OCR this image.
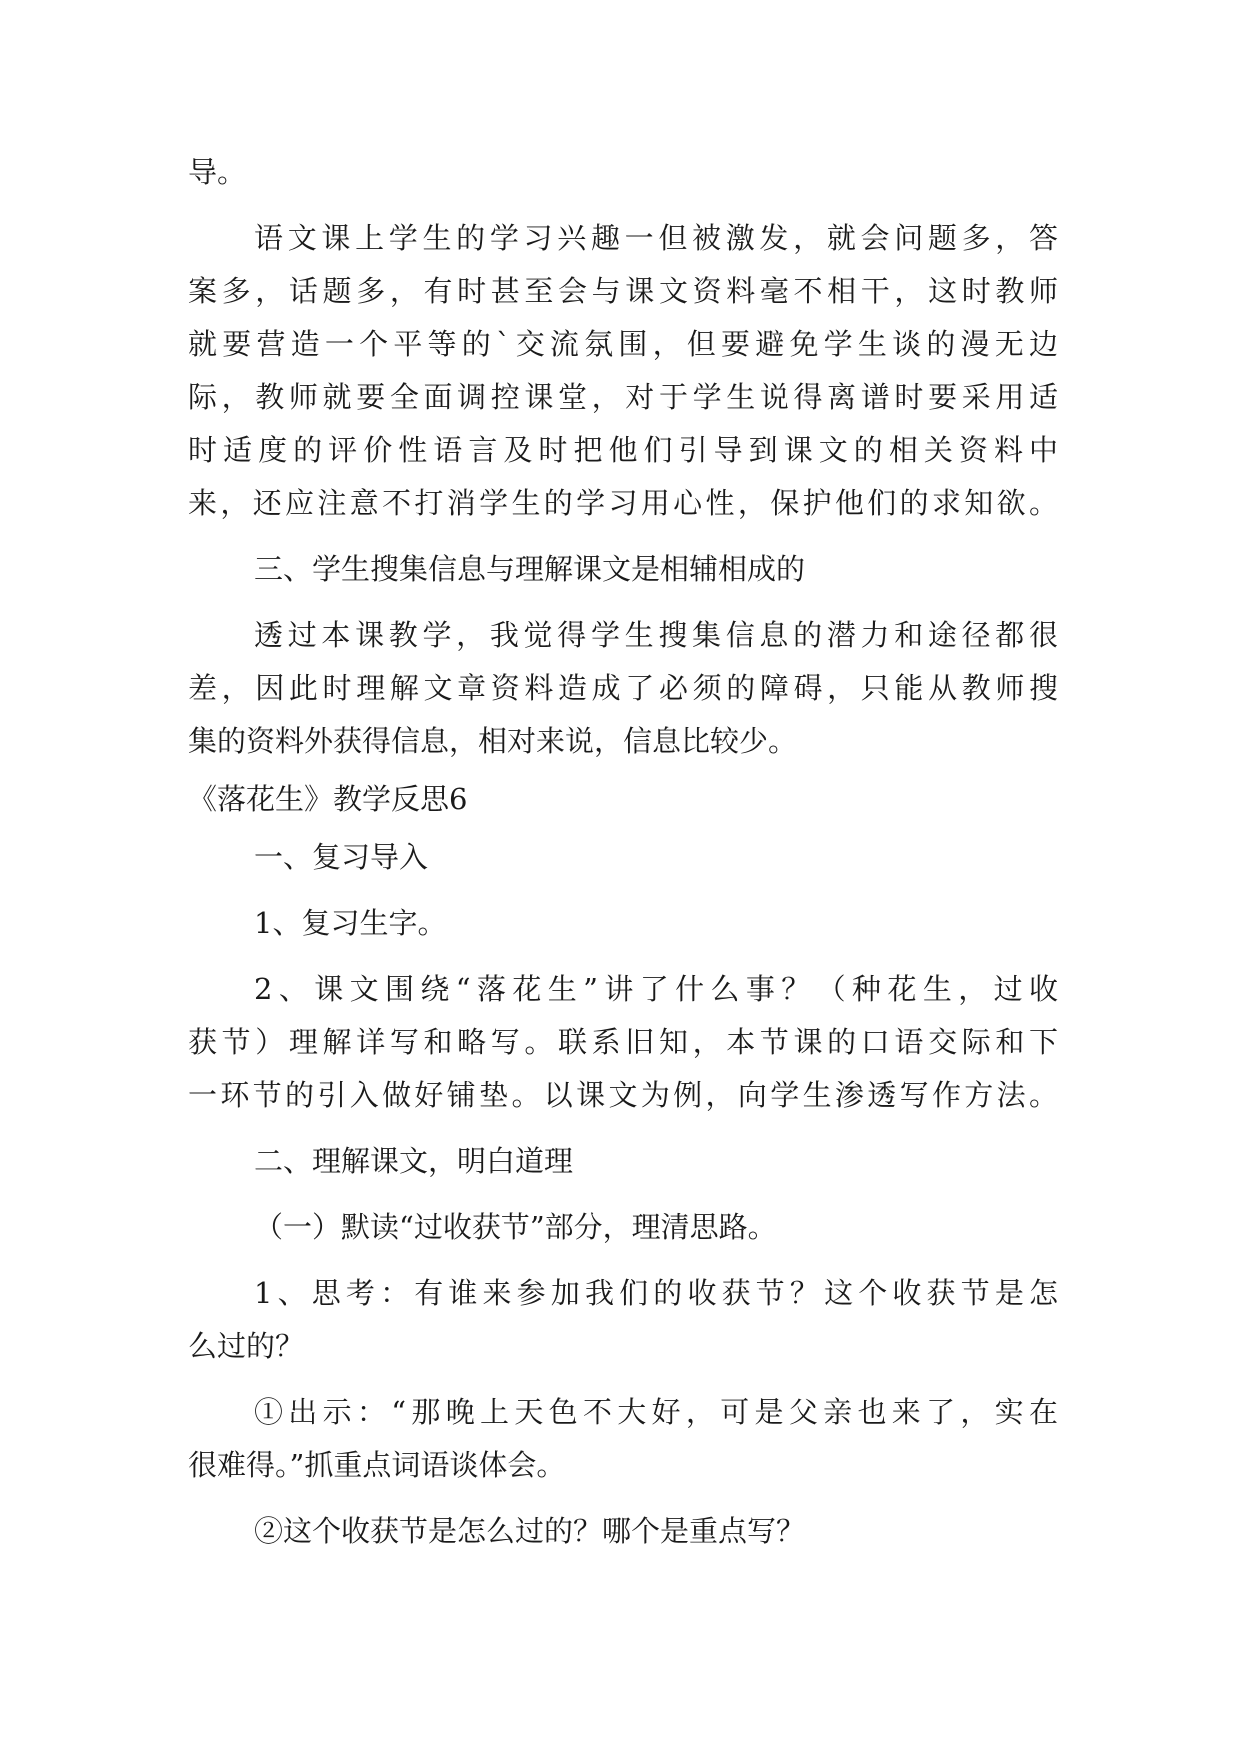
导。
语文课上学生的学习兴趣一但被激发，就会问题多，答
案多，话题多，有时甚至会与课文资料毫不相干，这时教师
就要营造一个平等的`交流氛围，但要避免学生谈的漫无边
际，教师就要全面调控课堂，对于学生说得离谱时要采用适
时适度的评价性语言及时把他们引导到课文的相关资料中
来，还应注意不打消学生的学习用心性，保护他们的求知欲。
三、学生搜集信息与理解课文是相辅相成的
透过本课教学，我觉得学生搜集信息的潜力和途径都很
差，因此时理解文章资料造成了必须的障碍，只能从教师搜
集的资料外获得信息，相对来说，信息比较少。
《落花生》教学反思6
一、复习导入
1、复习生字。
2、课文围绕“落花生”讲了什么事？（种花生，过收
获节）理解详写和略写。联系旧知，本节课的口语交际和下
一环节的引入做好铺垫。以课文为例，向学生渗透写作方法。
二、理解课文，明白道理
（一）默读“过收获节”部分，理清思路。
1、思考：有谁来参加我们的收获节？这个收获节是怎
么过的？
①出示：“那晚上天色不大好，可是父亲也来了，实在
很难得。”抓重点词语谈体会。
②这个收获节是怎么过的？哪个是重点写？
